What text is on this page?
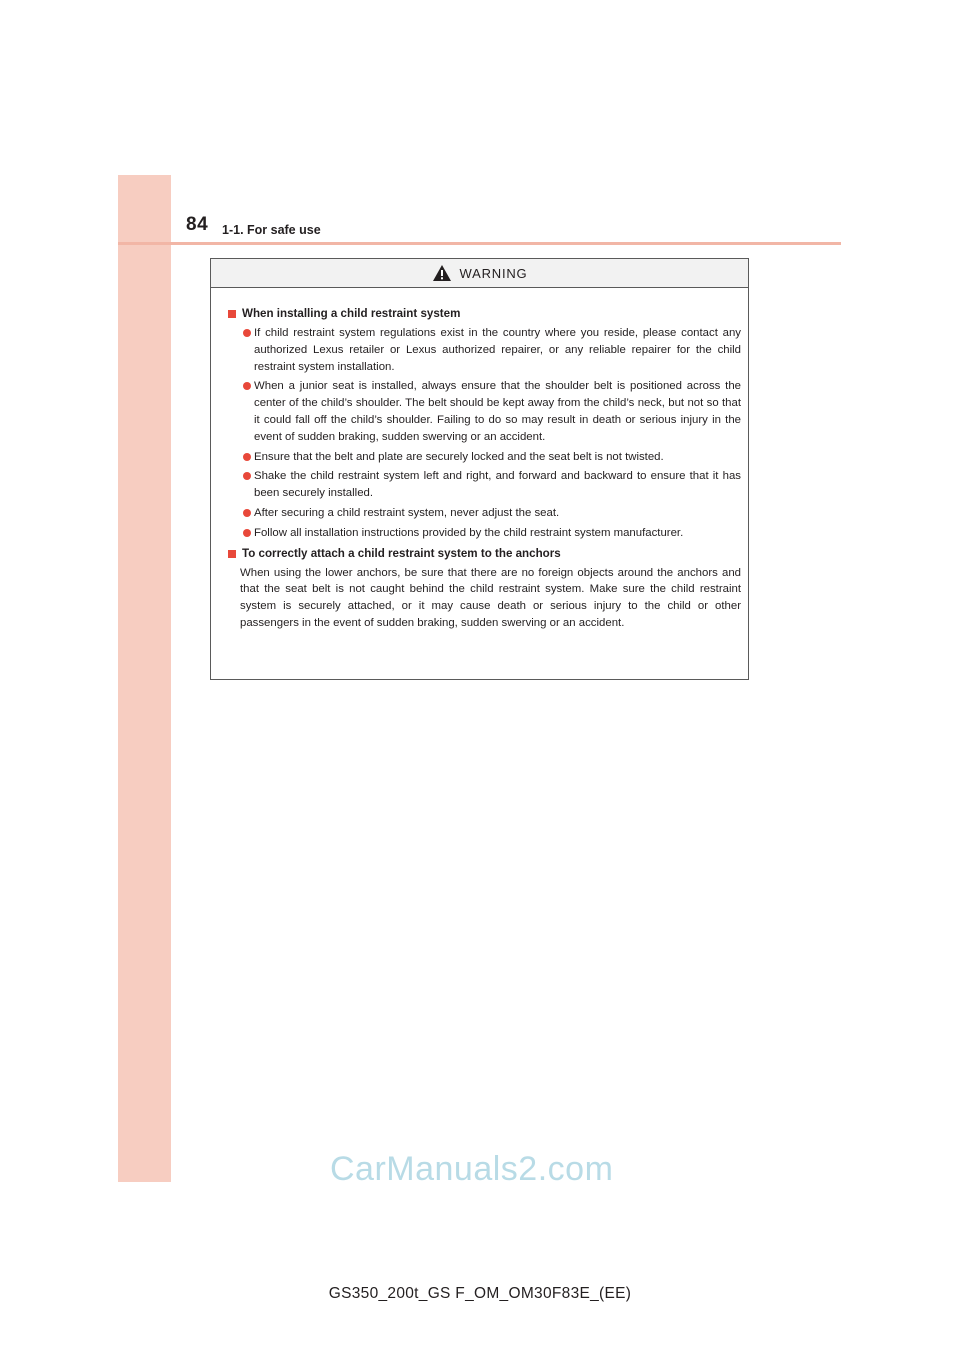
84 1-1. For safe use
WARNING
When installing a child restraint system
If child restraint system regulations exist in the country where you reside, please contact any authorized Lexus retailer or Lexus authorized repairer, or any reliable repairer for the child restraint system installation.
When a junior seat is installed, always ensure that the shoulder belt is positioned across the center of the child’s shoulder. The belt should be kept away from the child’s neck, but not so that it could fall off the child’s shoulder. Failing to do so may result in death or serious injury in the event of sudden braking, sudden swerving or an accident.
Ensure that the belt and plate are securely locked and the seat belt is not twisted.
Shake the child restraint system left and right, and forward and backward to ensure that it has been securely installed.
After securing a child restraint system, never adjust the seat.
Follow all installation instructions provided by the child restraint system manufacturer.
To correctly attach a child restraint system to the anchors
When using the lower anchors, be sure that there are no foreign objects around the anchors and that the seat belt is not caught behind the child restraint system. Make sure the child restraint system is securely attached, or it may cause death or serious injury to the child or other passengers in the event of sudden braking, sudden swerving or an accident.
CarManuals2.com
GS350_200t_GS F_OM_OM30F83E_(EE)
